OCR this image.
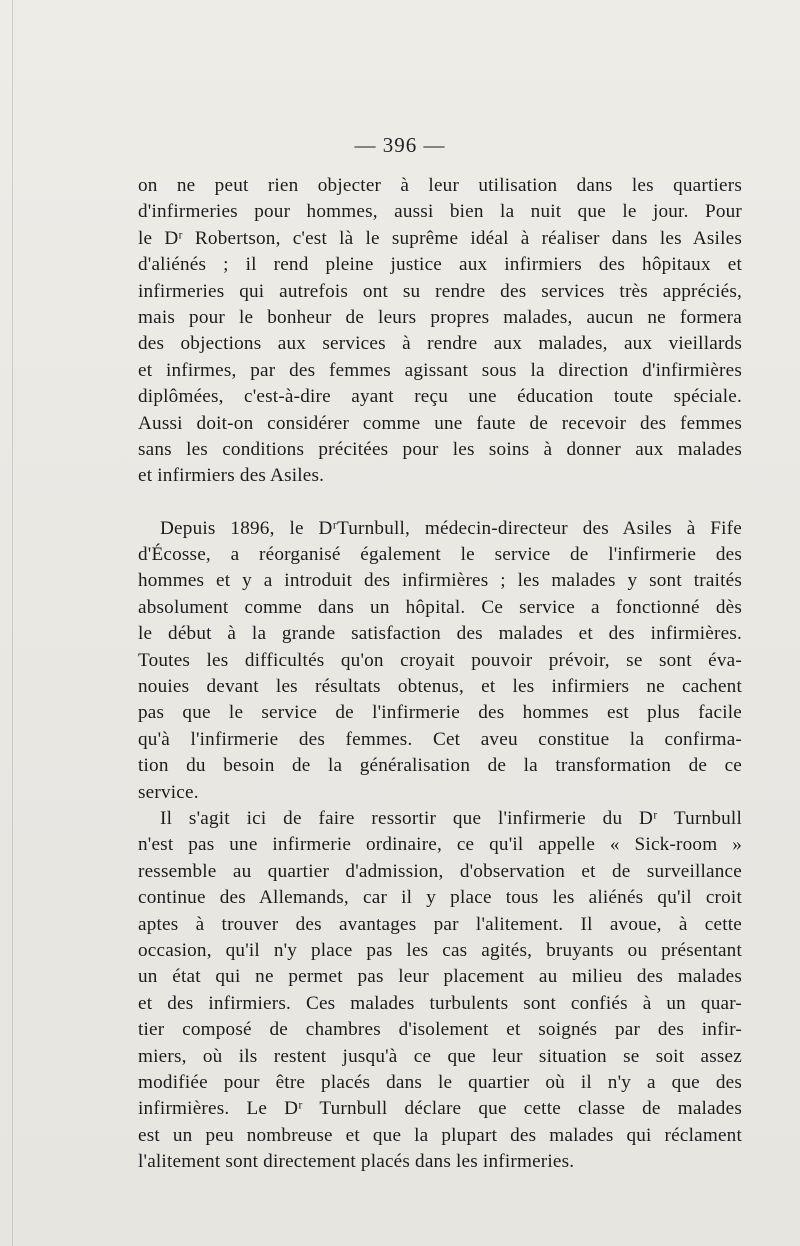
— 396 —
on ne peut rien objecter à leur utilisation dans les quartiers
d'infirmeries pour hommes, aussi bien la nuit que le jour. Pour
le Dʳ Robertson, c'est là le suprême idéal à réaliser dans les Asiles
d'aliénés ; il rend pleine justice aux infirmiers des hôpitaux et
infirmeries qui autrefois ont su rendre des services très appréciés,
mais pour le bonheur de leurs propres malades, aucun ne formera
des objections aux services à rendre aux malades, aux vieillards
et infirmes, par des femmes agissant sous la direction d'infirmières
diplômées, c'est-à-dire ayant reçu une éducation toute spéciale.
Aussi doit-on considérer comme une faute de recevoir des femmes
sans les conditions précitées pour les soins à donner aux malades
et infirmiers des Asiles.
Depuis 1896, le DʳTurnbull, médecin-directeur des Asiles à Fife
d'Écosse, a réorganisé également le service de l'infirmerie des
hommes et y a introduit des infirmières ; les malades y sont traités
absolument comme dans un hôpital. Ce service a fonctionné dès
le début à la grande satisfaction des malades et des infirmières.
Toutes les difficultés qu'on croyait pouvoir prévoir, se sont éva-
nouies devant les résultats obtenus, et les infirmiers ne cachent
pas que le service de l'infirmerie des hommes est plus facile
qu'à l'infirmerie des femmes. Cet aveu constitue la confirma-
tion du besoin de la généralisation de la transformation de ce
service.
Il s'agit ici de faire ressortir que l'infirmerie du Dʳ Turnbull
n'est pas une infirmerie ordinaire, ce qu'il appelle « Sick-room »
ressemble au quartier d'admission, d'observation et de surveillance
continue des Allemands, car il y place tous les aliénés qu'il croit
aptes à trouver des avantages par l'alitement. Il avoue, à cette
occasion, qu'il n'y place pas les cas agités, bruyants ou présentant
un état qui ne permet pas leur placement au milieu des malades
et des infirmiers. Ces malades turbulents sont confiés à un quar-
tier composé de chambres d'isolement et soignés par des infir-
miers, où ils restent jusqu'à ce que leur situation se soit assez
modifiée pour être placés dans le quartier où il n'y a que des
infirmières. Le Dʳ Turnbull déclare que cette classe de malades
est un peu nombreuse et que la plupart des malades qui réclament
l'alitement sont directement placés dans les infirmeries.
